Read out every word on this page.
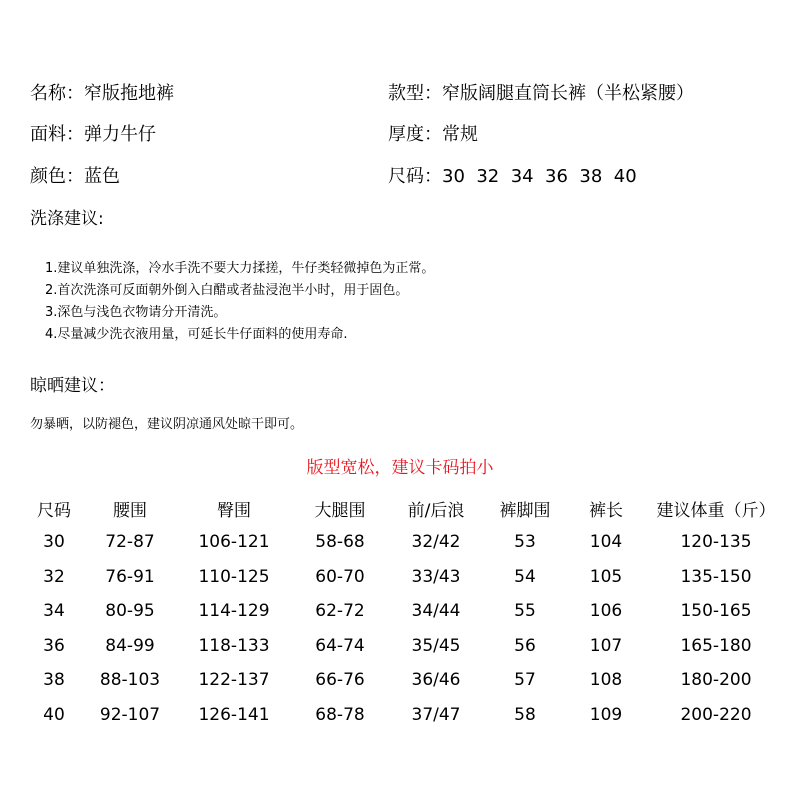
名称：窄版拖地裤	款型：窄版阔腿直筒长裤（半松紧腰）
面料：弹力牛仔	厚度：常规
颜色：蓝色	尺码：30  32  34  36  38  40
洗涤建议:
1.建议单独洗涤，冷水手洗不要大力揉搓，牛仔类轻微掉色为正常。
2.首次洗涤可反面朝外倒入白醋或者盐浸泡半小时，用于固色。
3.深色与浅色衣物请分开清洗。
4.尽量减少洗衣液用量，可延长牛仔面料的使用寿命.
晾晒建议：
勿暴晒，以防褪色，建议阴凉通风处晾干即可。
版型宽松，建议卡码拍小
尺码	腰围	臀围	大腿围	前/后浪	裤脚围	裤长	建议体重（斤）
30	72-87	106-121	58-68	32/42	53	104	120-135
32	76-91	110-125	60-70	33/43	54	105	135-150
34	80-95	114-129	62-72	34/44	55	106	150-165
36	84-99	118-133	64-74	35/45	56	107	165-180
38	88-103	122-137	66-76	36/46	57	108	180-200
40	92-107	126-141	68-78	37/47	58	109	200-220
